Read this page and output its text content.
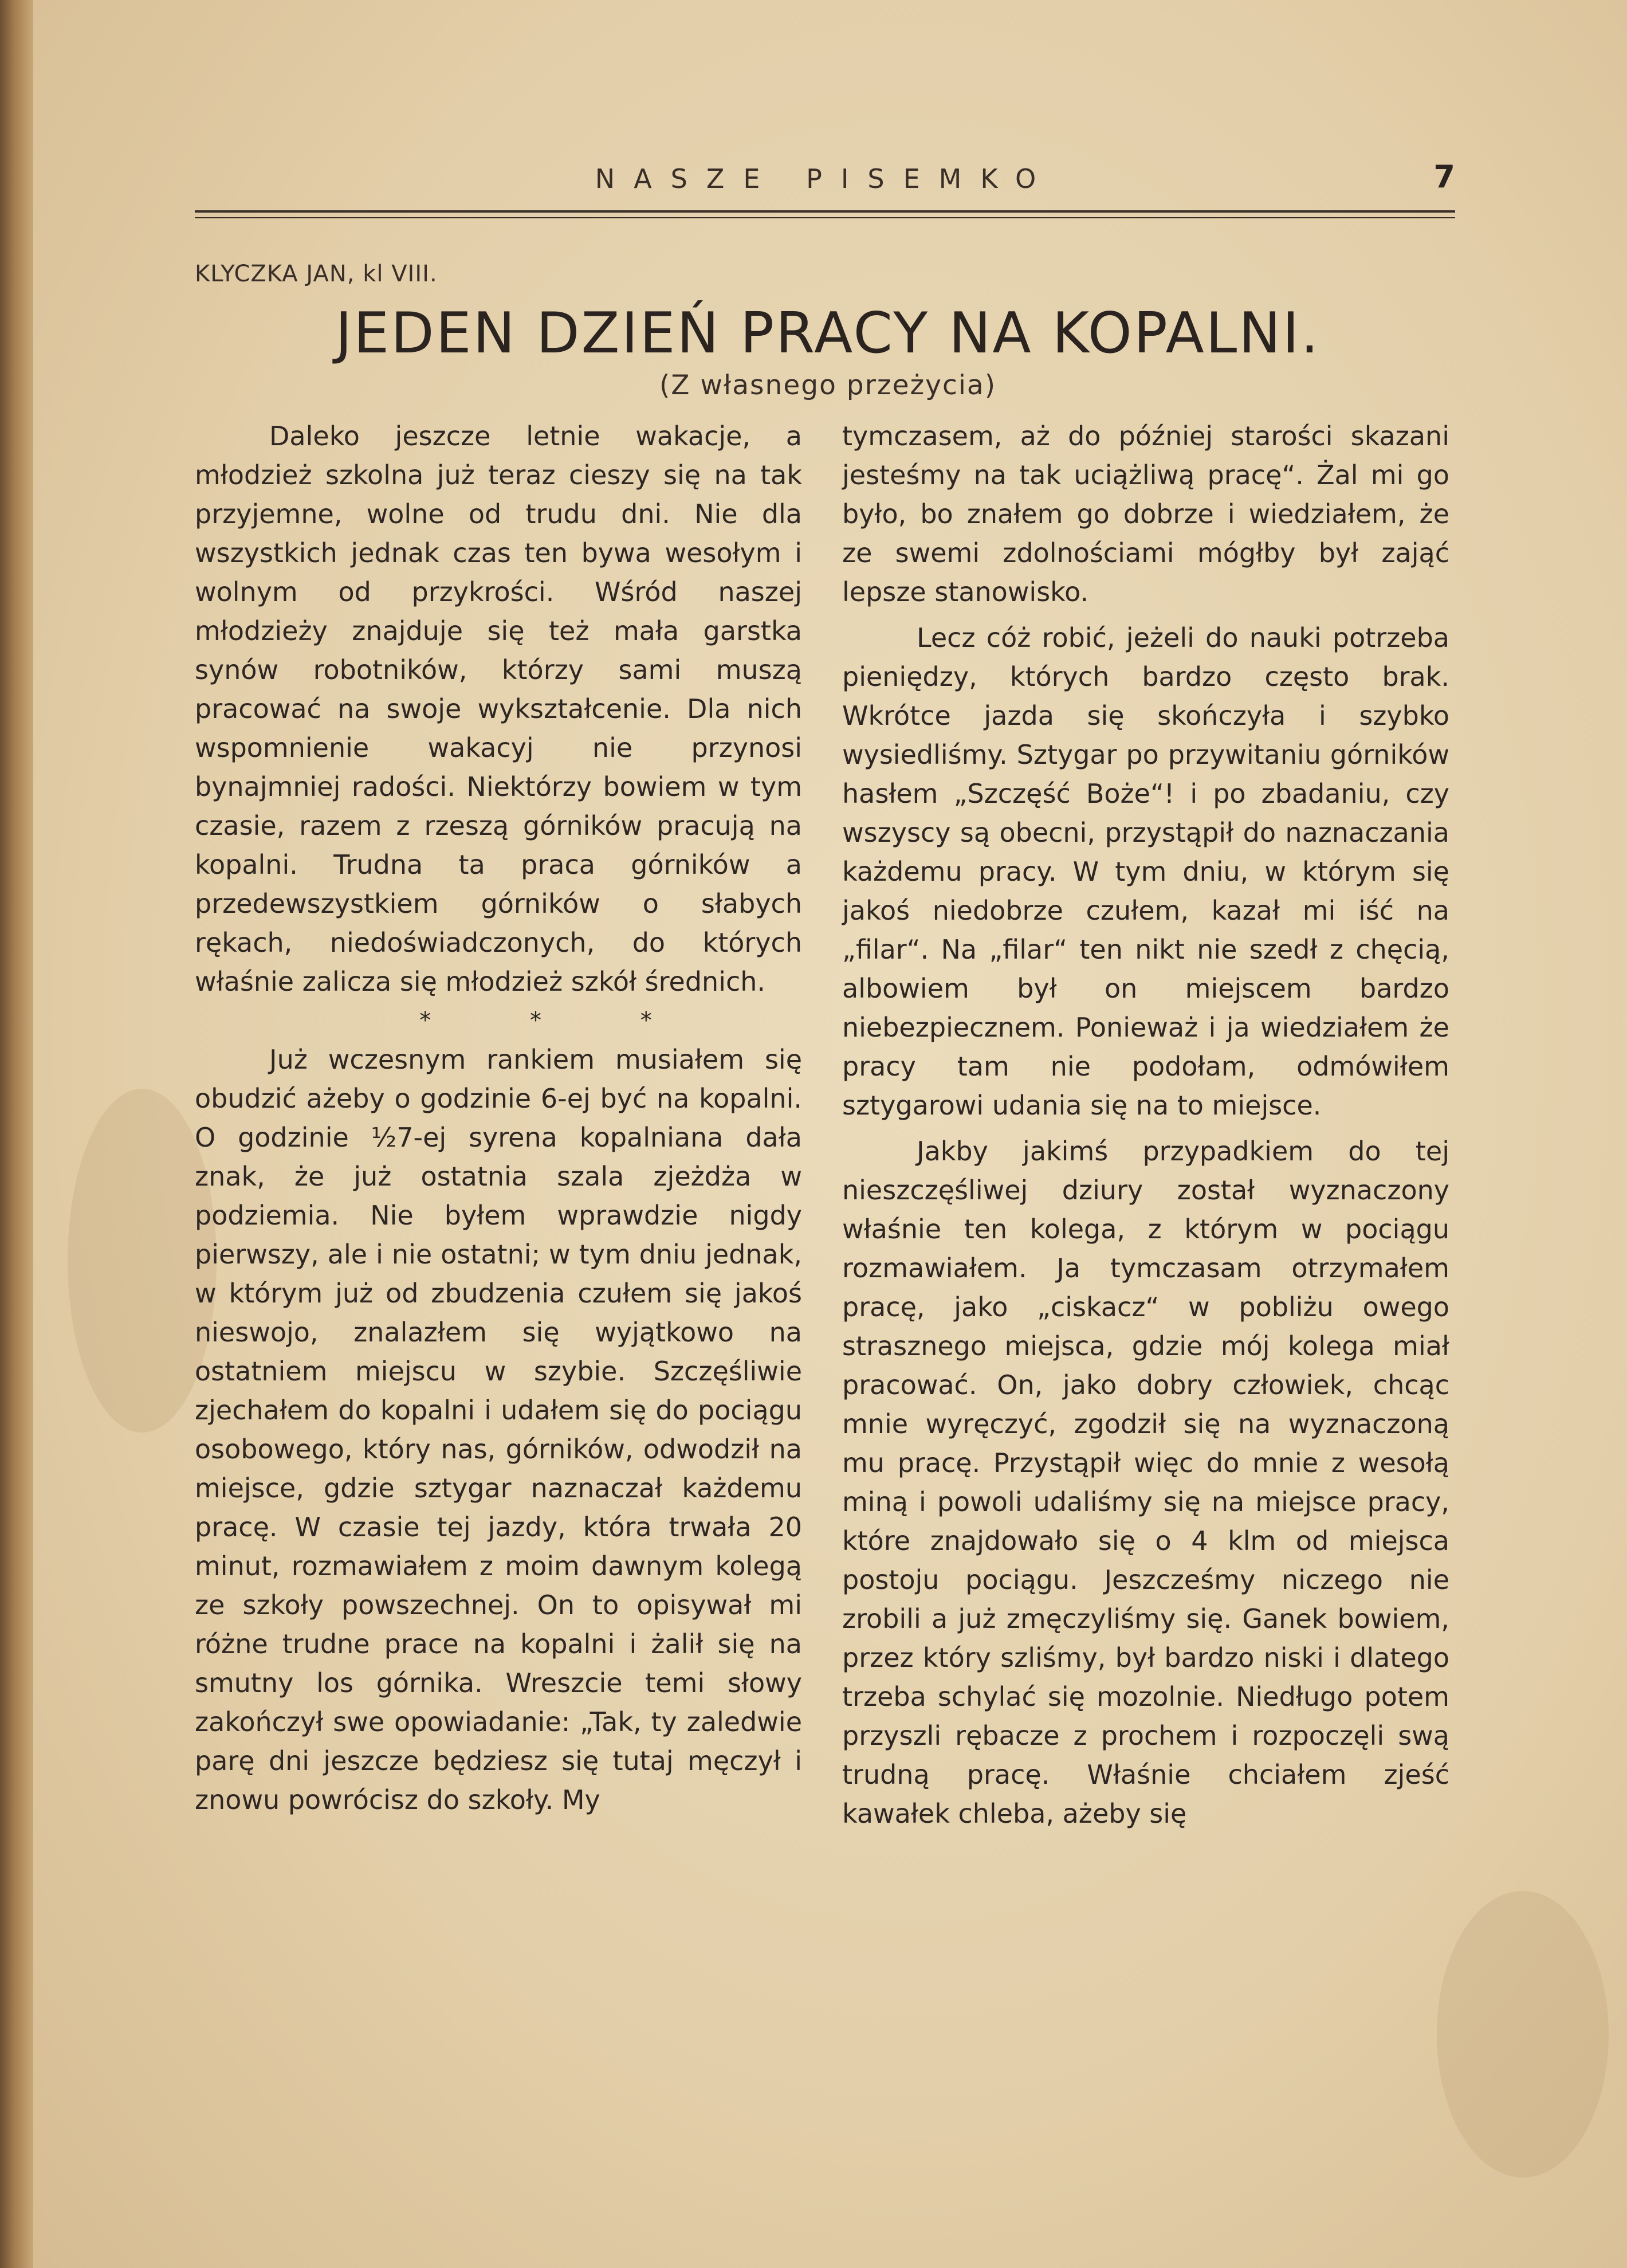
NASZE PISEMKO	7
KLYCZKA JAN, kl VIII.
JEDEN DZIEŃ PRACY NA KOPALNI.
(Z własnego przeżycia)

Daleko jeszcze letnie wakacje, a młodzież szkolna już teraz cieszy się na tak przyjemne, wolne od trudu dni. Nie dla wszystkich jednak czas ten bywa wesołym i wolnym od przykrości. Wśród naszej młodzieży znajduje się też mała garstka synów robotników, którzy sami muszą pracować na swoje wykształcenie. Dla nich wspomnienie wakacyj nie przynosi bynajmniej radości. Niektórzy bowiem w tym czasie, razem z rzeszą górników pracują na kopalni. Trudna ta praca górników a przedewszystkiem górników o słabych rękach, niedoświadczonych, do których właśnie zalicza się młodzież szkół średnich.

* * *

Już wczesnym rankiem musiałem się obudzić ażeby o godzinie 6-ej być na kopalni. O godzinie ½7-ej syrena kopalniana dała znak, że już ostatnia szala zjeżdża w podziemia. Nie byłem wprawdzie nigdy pierwszy, ale i nie ostatni; w tym dniu jednak, w którym już od zbudzenia czułem się jakoś nieswojo, znalazłem się wyjątkowo na ostatniem miejscu w szybie. Szczęśliwie zjechałem do kopalni i udałem się do pociągu osobowego, który nas, górników, odwodził na miejsce, gdzie sztygar naznaczał każdemu pracę. W czasie tej jazdy, która trwała 20 minut, rozmawiałem z moim dawnym kolegą ze szkoły powszechnej. On to opisywał mi różne trudne prace na kopalni i żalił się na smutny los górnika. Wreszcie temi słowy zakończył swe opowiadanie: „Tak, ty zaledwie parę dni jeszcze będziesz się tutaj męczył i znowu powrócisz do szkoły. My

tymczasem, aż do później starości skazani jesteśmy na tak uciążliwą pracę“. Żal mi go było, bo znałem go dobrze i wiedziałem, że ze swemi zdolnościami mógłby był zająć lepsze stanowisko.

Lecz cóż robić, jeżeli do nauki potrzeba pieniędzy, których bardzo często brak. Wkrótce jazda się skończyła i szybko wysiedliśmy. Sztygar po przywitaniu górników hasłem „Szczęść Boże“! i po zbadaniu, czy wszyscy są obecni, przystąpił do naznaczania każdemu pracy. W tym dniu, w którym się jakoś niedobrze czułem, kazał mi iść na „filar“. Na „filar“ ten nikt nie szedł z chęcią, albowiem był on miejscem bardzo niebezpiecznem. Ponieważ i ja wiedziałem że pracy tam nie podołam, odmówiłem sztygarowi udania się na to miejsce.

Jakby jakimś przypadkiem do tej nieszczęśliwej dziury został wyznaczony właśnie ten kolega, z którym w pociągu rozmawiałem. Ja tymczasam otrzymałem pracę, jako „ciskacz“ w pobliżu owego strasznego miejsca, gdzie mój kolega miał pracować. On, jako dobry człowiek, chcąc mnie wyręczyć, zgodził się na wyznaczoną mu pracę. Przystąpił więc do mnie z wesołą miną i powoli udaliśmy się na miejsce pracy, które znajdowało się o 4 klm od miejsca postoju pociągu. Jeszcześmy niczego nie zrobili a już zmęczyliśmy się. Ganek bowiem, przez który szliśmy, był bardzo niski i dlatego trzeba schylać się mozolnie. Niedługo potem przyszli rębacze z prochem i rozpoczęli swą trudną pracę. Właśnie chciałem zjeść kawałek chleba, ażeby się
